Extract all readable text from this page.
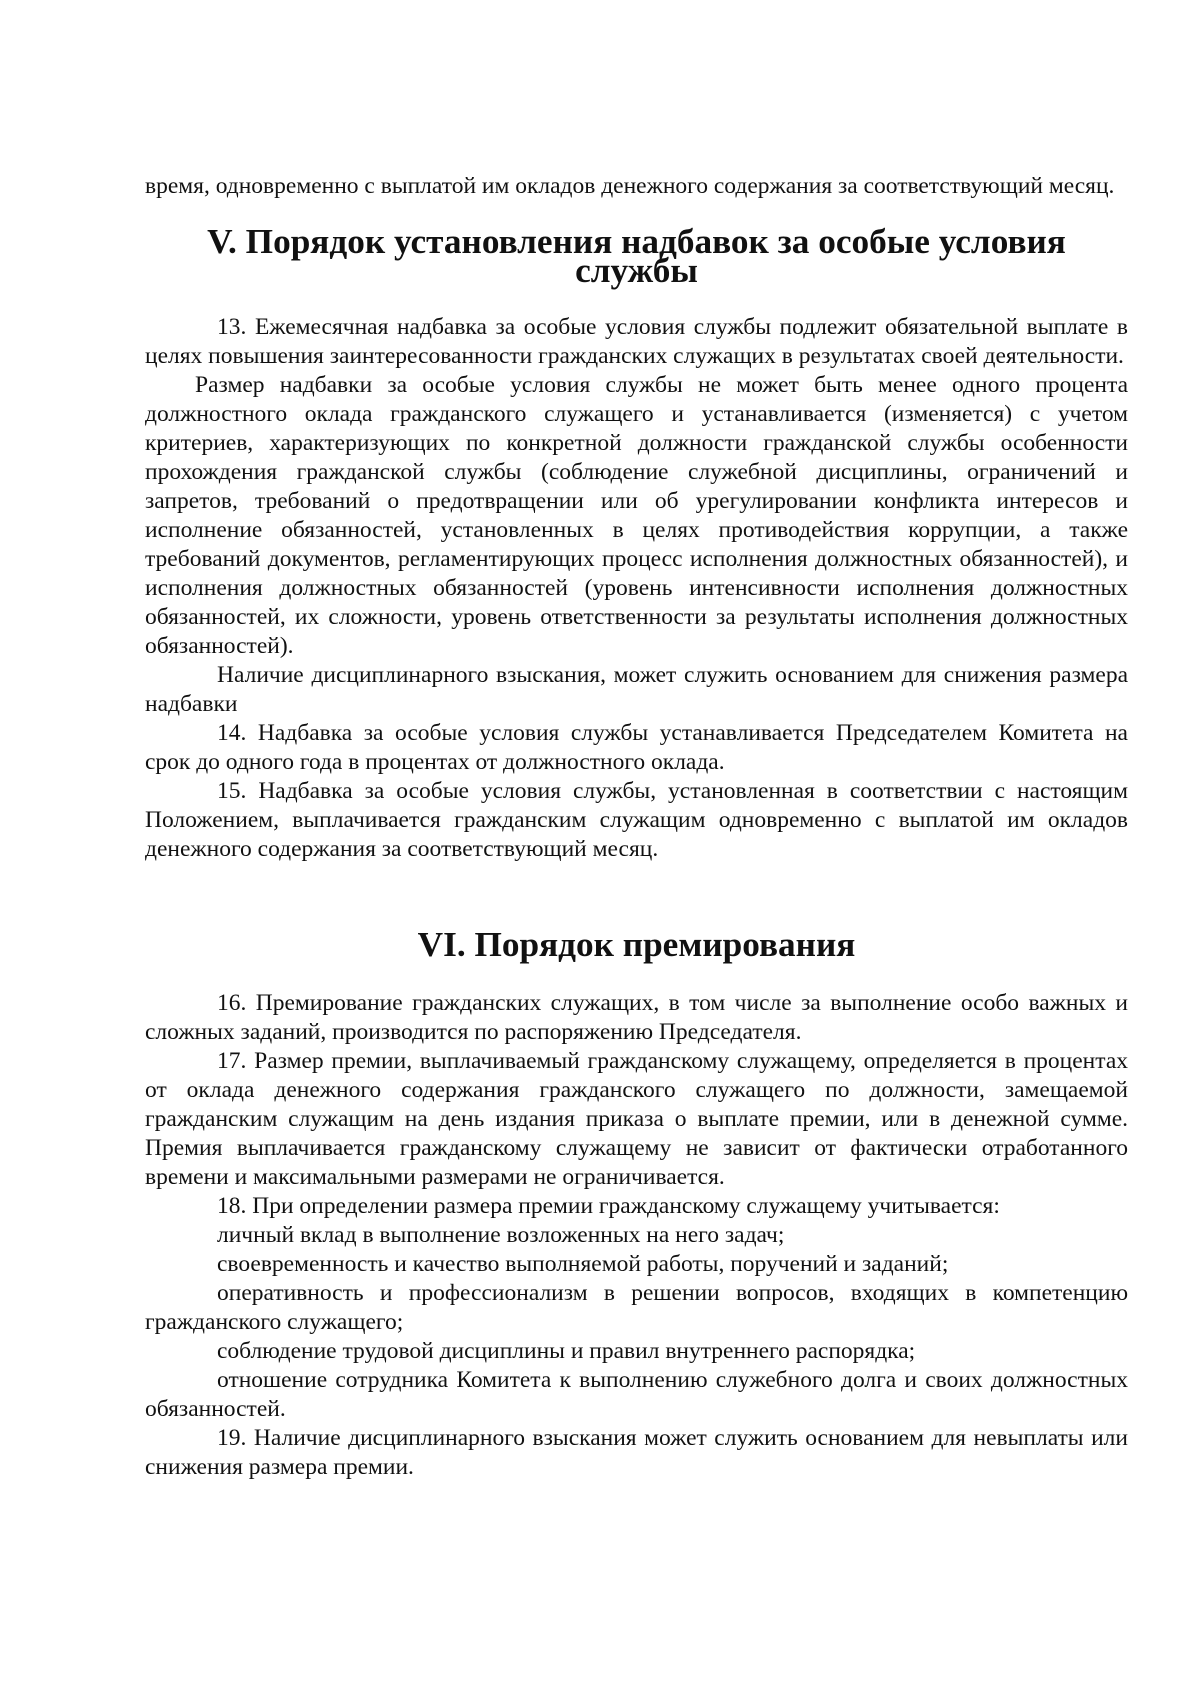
время, одновременно с выплатой им окладов денежного содержания за соответствующий месяц.

V. Порядок установления надбавок за особые условия службы

13. Ежемесячная надбавка за особые условия службы подлежит обязательной выплате в целях повышения заинтересованности гражданских служащих в результатах своей деятельности.

Размер надбавки за особые условия службы не может быть менее одного процента должностного оклада гражданского служащего и устанавливается (изменяется) с учетом критериев, характеризующих по конкретной должности гражданской службы особенности прохождения гражданской службы (соблюдение служебной дисциплины, ограничений и запретов, требований о предотвращении или об урегулировании конфликта интересов и исполнение обязанностей, установленных в целях противодействия коррупции, а также требований документов, регламентирующих процесс исполнения должностных обязанностей), и исполнения должностных обязанностей (уровень интенсивности исполнения должностных обязанностей, их сложности, уровень ответственности за результаты исполнения должностных обязанностей).

Наличие дисциплинарного взыскания, может служить основанием для снижения размера надбавки

14. Надбавка за особые условия службы устанавливается Председателем Комитета на срок до одного года в процентах от должностного оклада.

15. Надбавка за особые условия службы, установленная в соответствии с настоящим Положением, выплачивается гражданским служащим одновременно с выплатой им окладов денежного содержания за соответствующий месяц.

VI. Порядок премирования

16. Премирование гражданских служащих, в том числе за выполнение особо важных и сложных заданий, производится по распоряжению Председателя.

17. Размер премии, выплачиваемый гражданскому служащему, определяется в процентах от оклада денежного содержания гражданского служащего по должности, замещаемой гражданским служащим на день издания приказа о выплате премии, или в денежной сумме. Премия выплачивается гражданскому служащему не зависит от фактически отработанного времени и максимальными размерами не ограничивается.

18. При определении размера премии гражданскому служащему учитывается:

личный вклад в выполнение возложенных на него задач;

своевременность и качество выполняемой работы, поручений и заданий;

оперативность и профессионализм в решении вопросов, входящих в компетенцию гражданского служащего;

соблюдение трудовой дисциплины и правил внутреннего распорядка;

отношение сотрудника Комитета к выполнению служебного долга и своих должностных обязанностей.

19. Наличие дисциплинарного взыскания может служить основанием для невыплаты или снижения размера премии.
